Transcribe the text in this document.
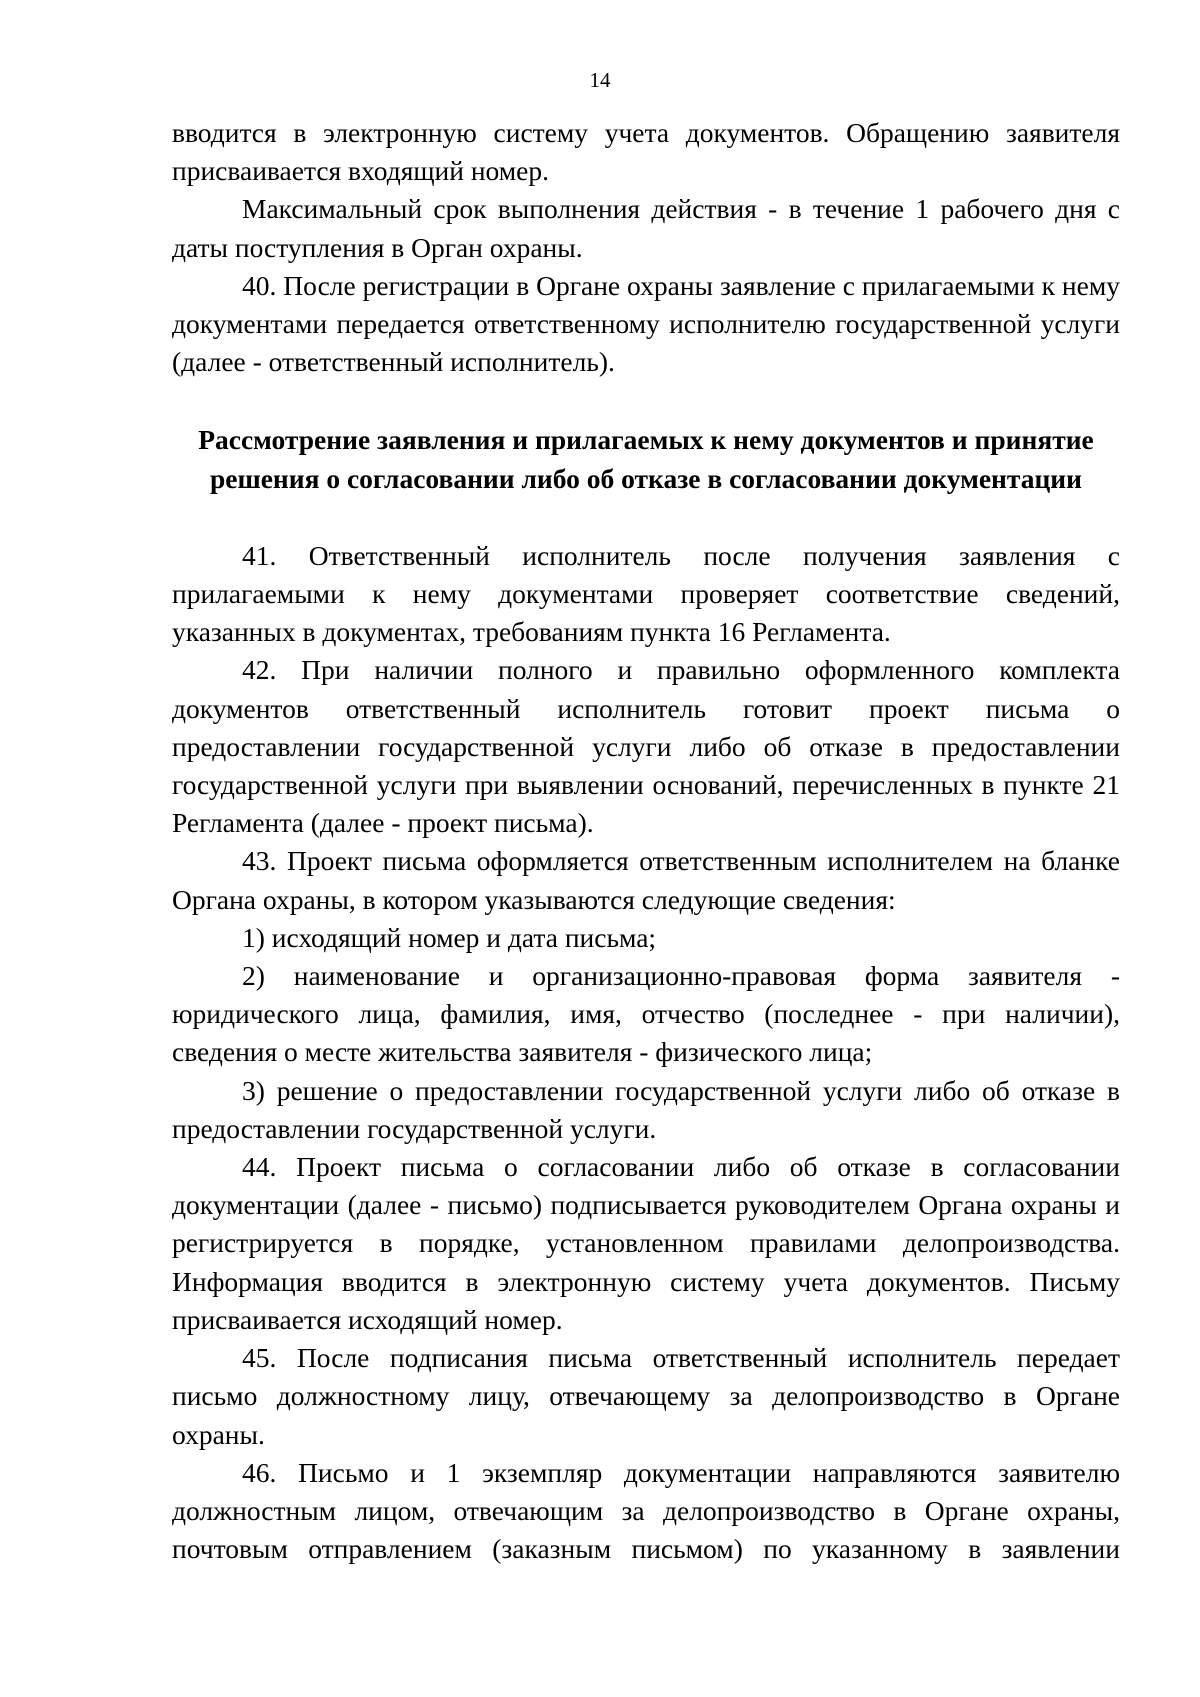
14

вводится в электронную систему учета документов. Обращению заявителя присваивается входящий номер.

Максимальный срок выполнения действия - в течение 1 рабочего дня с даты поступления в Орган охраны.

40. После регистрации в Органе охраны заявление с прилагаемыми к нему документами передается ответственному исполнителю государственной услуги (далее - ответственный исполнитель).

Рассмотрение заявления и прилагаемых к нему документов и принятие
решения о согласовании либо об отказе в согласовании документации

41. Ответственный исполнитель после получения заявления с прилагаемыми к нему документами проверяет соответствие сведений, указанных в документах, требованиям пункта 16 Регламента.

42. При наличии полного и правильно оформленного комплекта документов ответственный исполнитель готовит проект письма о предоставлении государственной услуги либо об отказе в предоставлении государственной услуги при выявлении оснований, перечисленных в пункте 21 Регламента (далее - проект письма).

43. Проект письма оформляется ответственным исполнителем на бланке Органа охраны, в котором указываются следующие сведения:

1) исходящий номер и дата письма;

2) наименование и организационно-правовая форма заявителя - юридического лица, фамилия, имя, отчество (последнее - при наличии), сведения о месте жительства заявителя - физического лица;

3) решение о предоставлении государственной услуги либо об отказе в предоставлении государственной услуги.

44. Проект письма о согласовании либо об отказе в согласовании документации (далее - письмо) подписывается руководителем Органа охраны и регистрируется в порядке, установленном правилами делопроизводства. Информация вводится в электронную систему учета документов. Письму присваивается исходящий номер.

45. После подписания письма ответственный исполнитель передает письмо должностному лицу, отвечающему за делопроизводство в Органе охраны.

46. Письмо и 1 экземпляр документации направляются заявителю должностным лицом, отвечающим за делопроизводство в Органе охраны, почтовым отправлением (заказным письмом) по указанному в заявлении
